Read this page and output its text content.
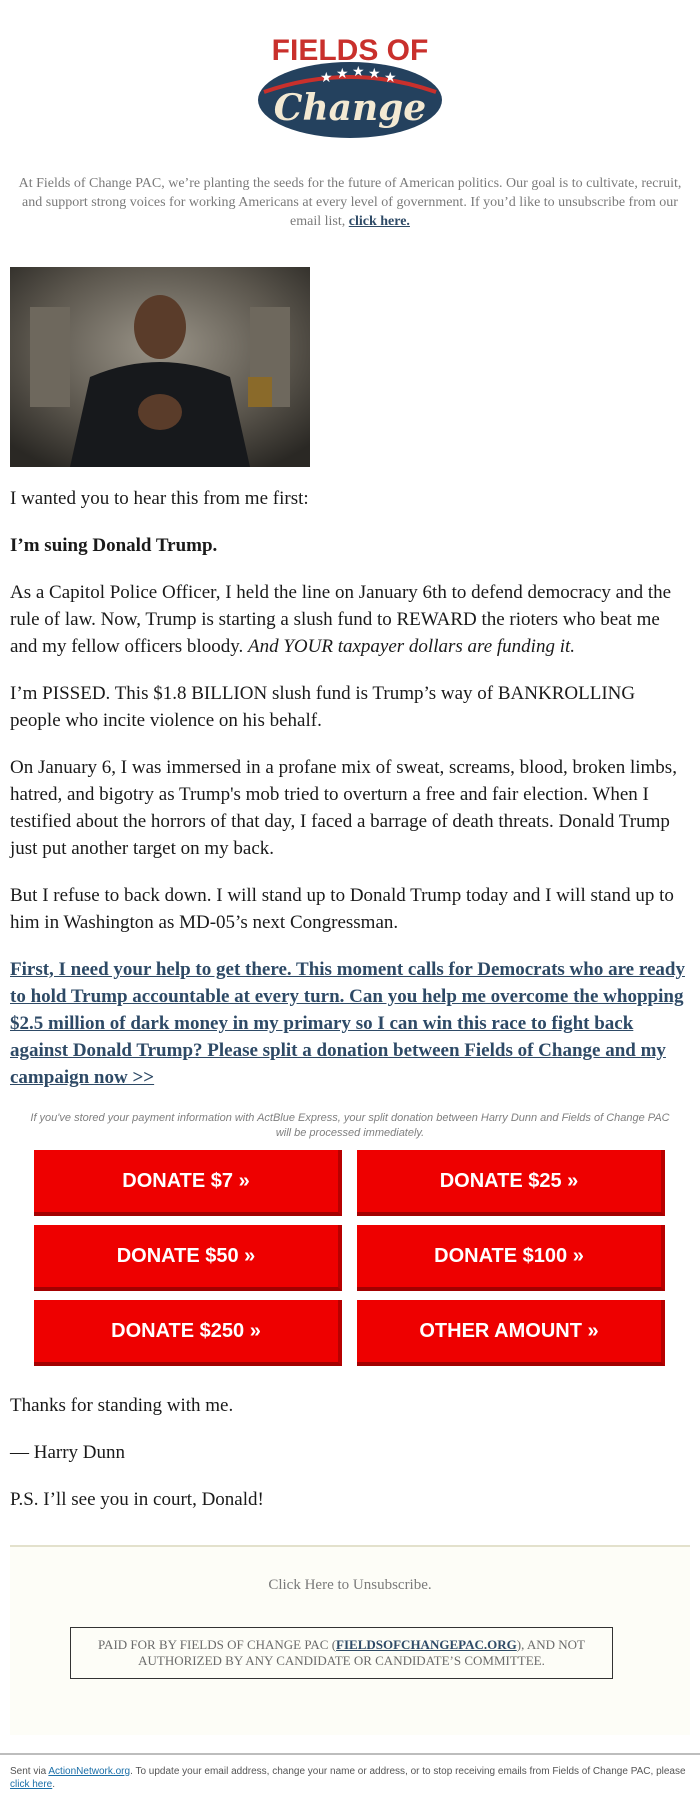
FIELDS OF
★ ★ ★ ★ ★
Change
At Fields of Change PAC, we’re planting the seeds for the future of American politics. Our goal is to cultivate, recruit, and support strong voices for working Americans at every level of government. If you’d like to unsubscribe from our email list, click here.

I wanted you to hear this from me first:

I’m suing Donald Trump.

As a Capitol Police Officer, I held the line on January 6th to defend democracy and the rule of law. Now, Trump is starting a slush fund to REWARD the rioters who beat me and my fellow officers bloody. And YOUR taxpayer dollars are funding it.

I’m PISSED. This $1.8 BILLION slush fund is Trump’s way of BANKROLLING people who incite violence on his behalf.

On January 6, I was immersed in a profane mix of sweat, screams, blood, broken limbs, hatred, and bigotry as Trump's mob tried to overturn a free and fair election. When I testified about the horrors of that day, I faced a barrage of death threats. Donald Trump just put another target on my back.

But I refuse to back down. I will stand up to Donald Trump today and I will stand up to him in Washington as MD-05’s next Congressman.

First, I need your help to get there. This moment calls for Democrats who are ready to hold Trump accountable at every turn. Can you help me overcome the whopping $2.5 million of dark money in my primary so I can win this race to fight back against Donald Trump? Please split a donation between Fields of Change and my campaign now >>

If you've stored your payment information with ActBlue Express, your split donation between Harry Dunn and Fields of Change PAC will be processed immediately.
DONATE $7 »	DONATE $25 »
DONATE $50 »	DONATE $100 »
DONATE $250 »	OTHER AMOUNT »

Thanks for standing with me.

— Harry Dunn

P.S. I’ll see you in court, Donald!

Click Here to Unsubscribe.
PAID FOR BY FIELDS OF CHANGE PAC (FIELDSOFCHANGEPAC.ORG), AND NOT AUTHORIZED BY ANY CANDIDATE OR CANDIDATE’S COMMITTEE.
Sent via ActionNetwork.org. To update your email address, change your name or address, or to stop receiving emails from Fields of Change PAC, please click here.
